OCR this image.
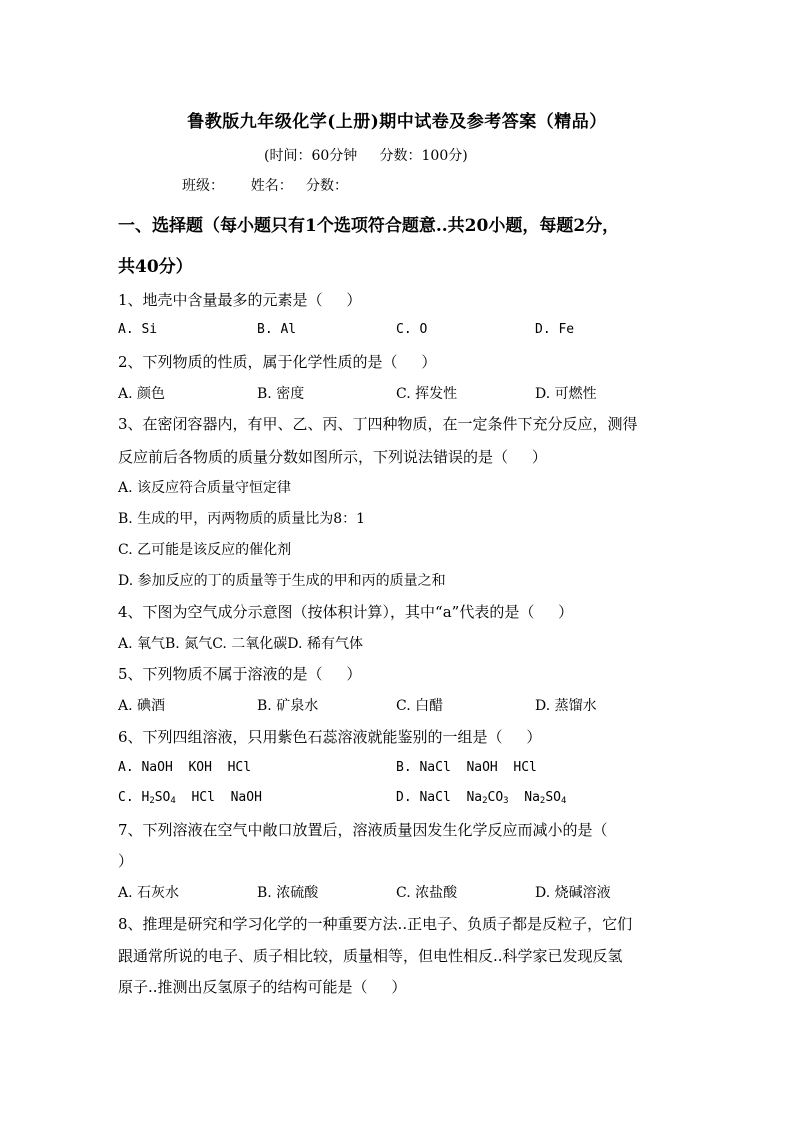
鲁教版九年级化学(上册)期中试卷及参考答案（精品）
(时间：60分钟     分数：100分)
班级：      姓名：   分数：
一、选择题（每小题只有1个选项符合题意..共20小题，每题2分，
共40分）
1、地壳中含量最多的元素是（     ）
A. Si	B. Al	C. O	D. Fe
2、下列物质的性质，属于化学性质的是（     ）
A. 颜色	B. 密度	C. 挥发性	D. 可燃性
3、在密闭容器内，有甲、乙、丙、丁四种物质，在一定条件下充分反应，测得
反应前后各物质的质量分数如图所示，下列说法错误的是（     ）
A. 该反应符合质量守恒定律
B. 生成的甲，丙两物质的质量比为8：1
C. 乙可能是该反应的催化剂
D. 参加反应的丁的质量等于生成的甲和丙的质量之和
4、下图为空气成分示意图（按体积计算），其中“a”代表的是（     ）
A. 氧气B. 氮气C. 二氧化碳D. 稀有气体
5、下列物质不属于溶液的是（     ）
A. 碘酒	B. 矿泉水	C. 白醋	D. 蒸馏水
6、下列四组溶液，只用紫色石蕊溶液就能鉴别的一组是（     ）
A. NaOH  KOH  HCl	B. NaCl  NaOH  HCl
C. $H_2SO_4$  HCl  NaOH	D. NaCl  $Na_2CO_3$  $Na_2SO_4$
7、下列溶液在空气中敞口放置后，溶液质量因发生化学反应而减小的是（
）
A. 石灰水	B. 浓硫酸	C. 浓盐酸	D. 烧碱溶液
8、推理是研究和学习化学的一种重要方法..正电子、负质子都是反粒子，它们
跟通常所说的电子、质子相比较，质量相等，但电性相反..科学家已发现反氢
原子..推测出反氢原子的结构可能是（     ）
